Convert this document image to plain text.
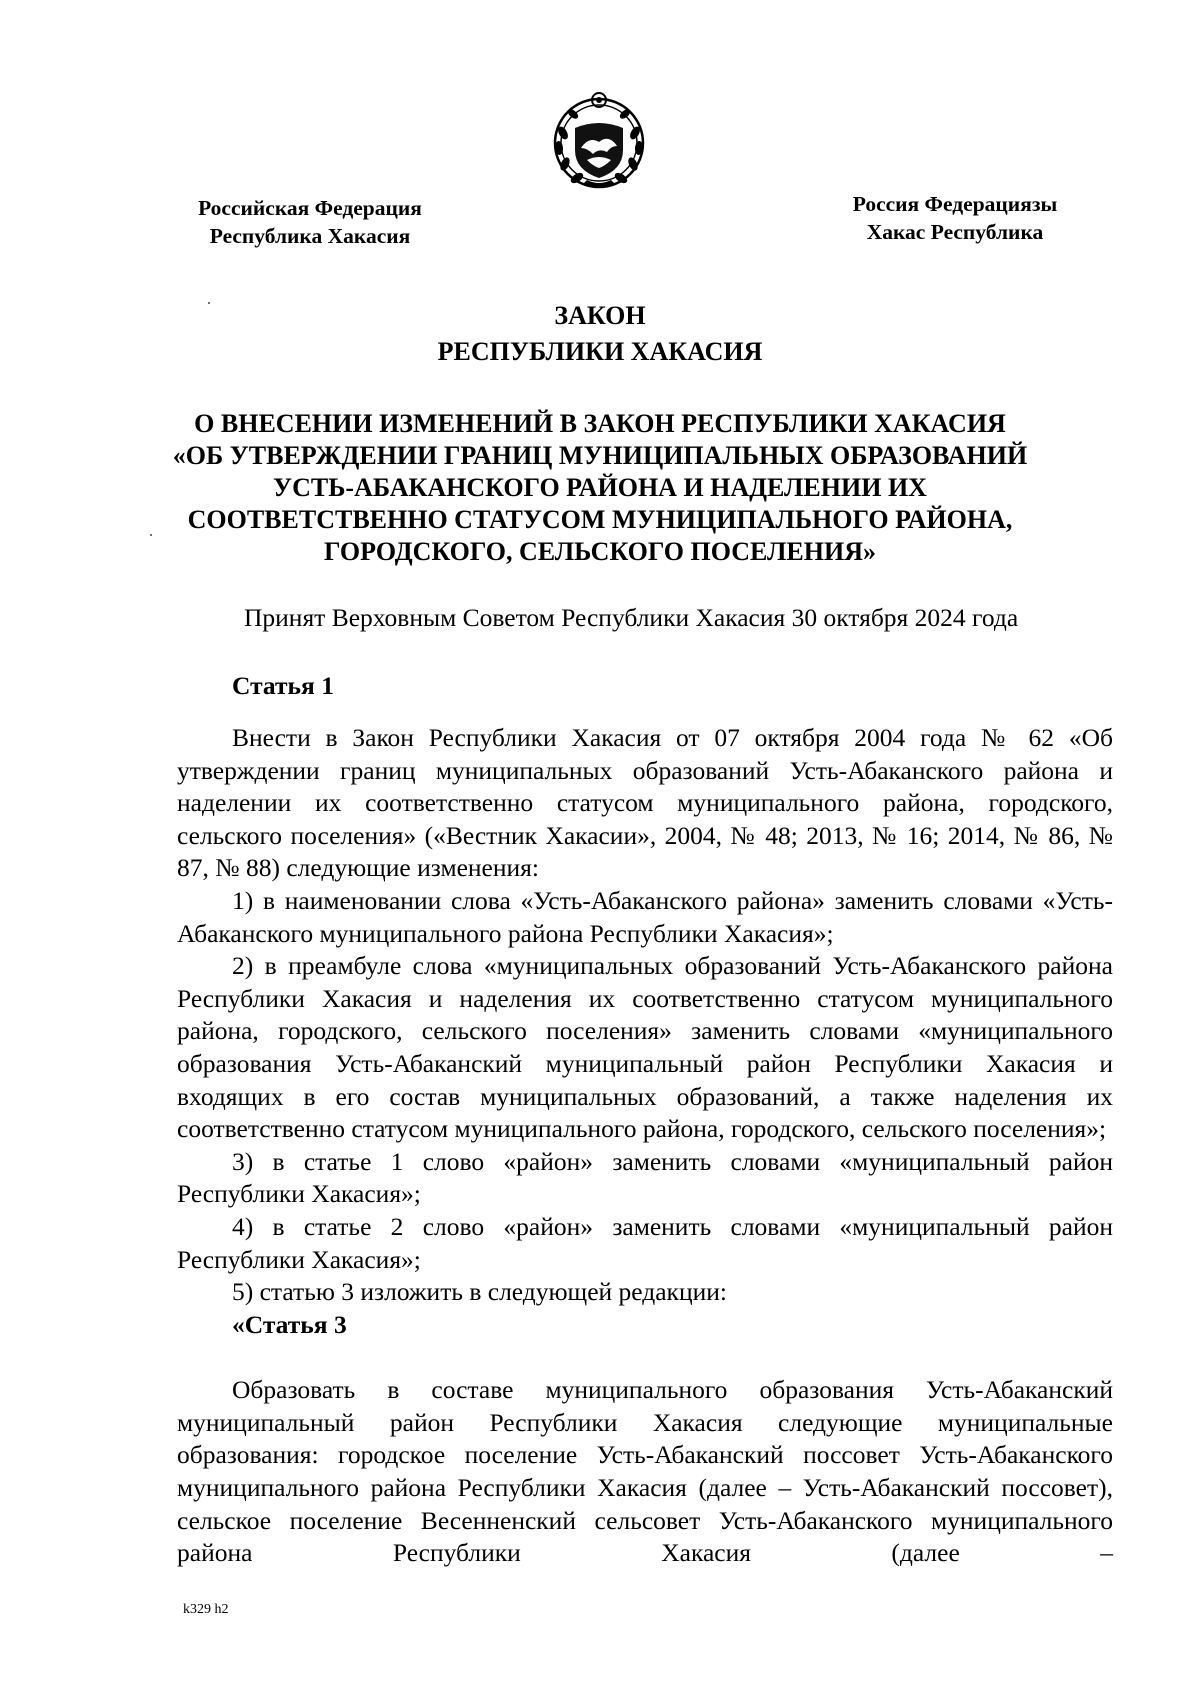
Российская Федерация
Республика Хакасия
Россия Федерациязы
Хакас Республика
ЗАКОН
РЕСПУБЛИКИ ХАКАСИЯ
О ВНЕСЕНИИ ИЗМЕНЕНИЙ В ЗАКОН РЕСПУБЛИКИ ХАКАСИЯ
«ОБ УТВЕРЖДЕНИИ ГРАНИЦ МУНИЦИПАЛЬНЫХ ОБРАЗОВАНИЙ
УСТЬ-АБАКАНСКОГО РАЙОНА И НАДЕЛЕНИИ ИХ
СООТВЕТСТВЕННО СТАТУСОМ МУНИЦИПАЛЬНОГО РАЙОНА,
ГОРОДСКОГО, СЕЛЬСКОГО ПОСЕЛЕНИЯ»
Принят Верховным Советом Республики Хакасия 30 октября 2024 года
Статья 1

Внести в Закон Республики Хакасия от 07 октября 2004 года № 62 «Об утверждении границ муниципальных образований Усть-Абаканского района и наделении их соответственно статусом муниципального района, городского, сельского поселения» («Вестник Хакасии», 2004, № 48; 2013, № 16; 2014, № 86, № 87, № 88) следующие изменения:

1) в наименовании слова «Усть-Абаканского района» заменить словами «Усть-Абаканского муниципального района Республики Хакасия»;

2) в преамбуле слова «муниципальных образований Усть-Абаканского района Республики Хакасия и наделения их соответственно статусом муниципального района, городского, сельского поселения» заменить словами «муниципального образования Усть-Абаканский муниципальный район Республики Хакасия и входящих в его состав муниципальных образований, а также наделения их соответственно статусом муниципального района, городского, сельского поселения»;

3) в статье 1 слово «район» заменить словами «муниципальный район Республики Хакасия»;

4) в статье 2 слово «район» заменить словами «муниципальный район Республики Хакасия»;

5) статью 3 изложить в следующей редакции:

«Статья 3

Образовать в составе муниципального образования Усть-Абаканский муниципальный район Республики Хакасия следующие муниципальные образования: городское поселение Усть-Абаканский поссовет Усть-Абаканского муниципального района Республики Хакасия (далее – Усть-Абаканский поссовет), сельское поселение Весенненский сельсовет Усть-Абаканского муниципального района Республики Хакасия (далее –

k329 h2
